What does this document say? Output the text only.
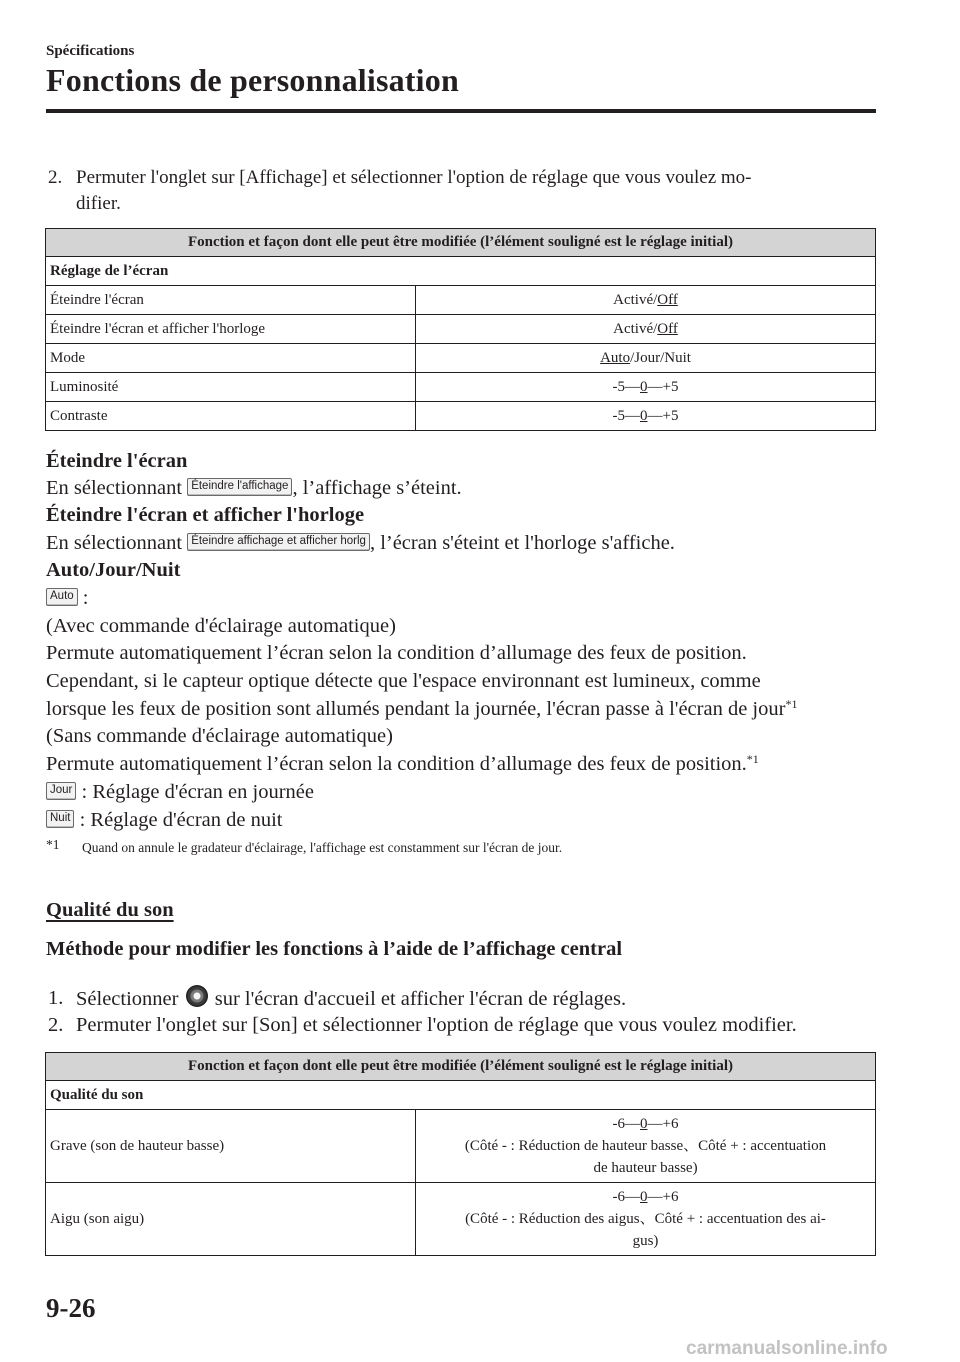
Spécifications
Fonctions de personnalisation
2. Permuter l'onglet sur [Affichage] et sélectionner l'option de réglage que vous voulez mo-
difier.
Fonction et façon dont elle peut être modifiée (l’élément souligné est le réglage initial)	
Réglage de l’écran	
Éteindre l'écran	Activé/Off
Éteindre l'écran et afficher l'horloge	Activé/Off
Mode	Auto/Jour/Nuit
Luminosité	-5—0—+5
Contraste	-5—0—+5
Éteindre l'écran
En sélectionnant Éteindre l'affichage , l’affichage s’éteint.
Éteindre l'écran et afficher l'horloge
En sélectionnant Éteindre affichage et afficher horlg , l’écran s'éteint et l'horloge s'affiche.
Auto/Jour/Nuit
Auto :
(Avec commande d'éclairage automatique)
Permute automatiquement l’écran selon la condition d’allumage des feux de position.
Cependant, si le capteur optique détecte que l'espace environnant est lumineux, comme
lorsque les feux de position sont allumés pendant la journée, l'écran passe à l'écran de jour$^{*1}$
(Sans commande d'éclairage automatique)
Permute automatiquement l’écran selon la condition d’allumage des feux de position.$^{*1}$
Jour : Réglage d'écran en journée
Nuit : Réglage d'écran de nuit
*1 Quand on annule le gradateur d'éclairage, l'affichage est constamment sur l'écran de jour.
Qualité du son
Méthode pour modifier les fonctions à l’aide de l’affichage central
1. Sélectionner  sur l'écran d'accueil et afficher l'écran de réglages.
2. Permuter l'onglet sur [Son] et sélectionner l'option de réglage que vous voulez modifier.
Fonction et façon dont elle peut être modifiée (l’élément souligné est le réglage initial)	
Qualité du son	
Grave (son de hauteur basse)	-6—0—+6
(Côté - : Réduction de hauteur basse、Côté + : accentuation
de hauteur basse)

Aigu (son aigu)	-6—0—+6
(Côté - : Réduction des aigus、Côté + : accentuation des ai-
gus)
9-26
carmanualsonline.info
